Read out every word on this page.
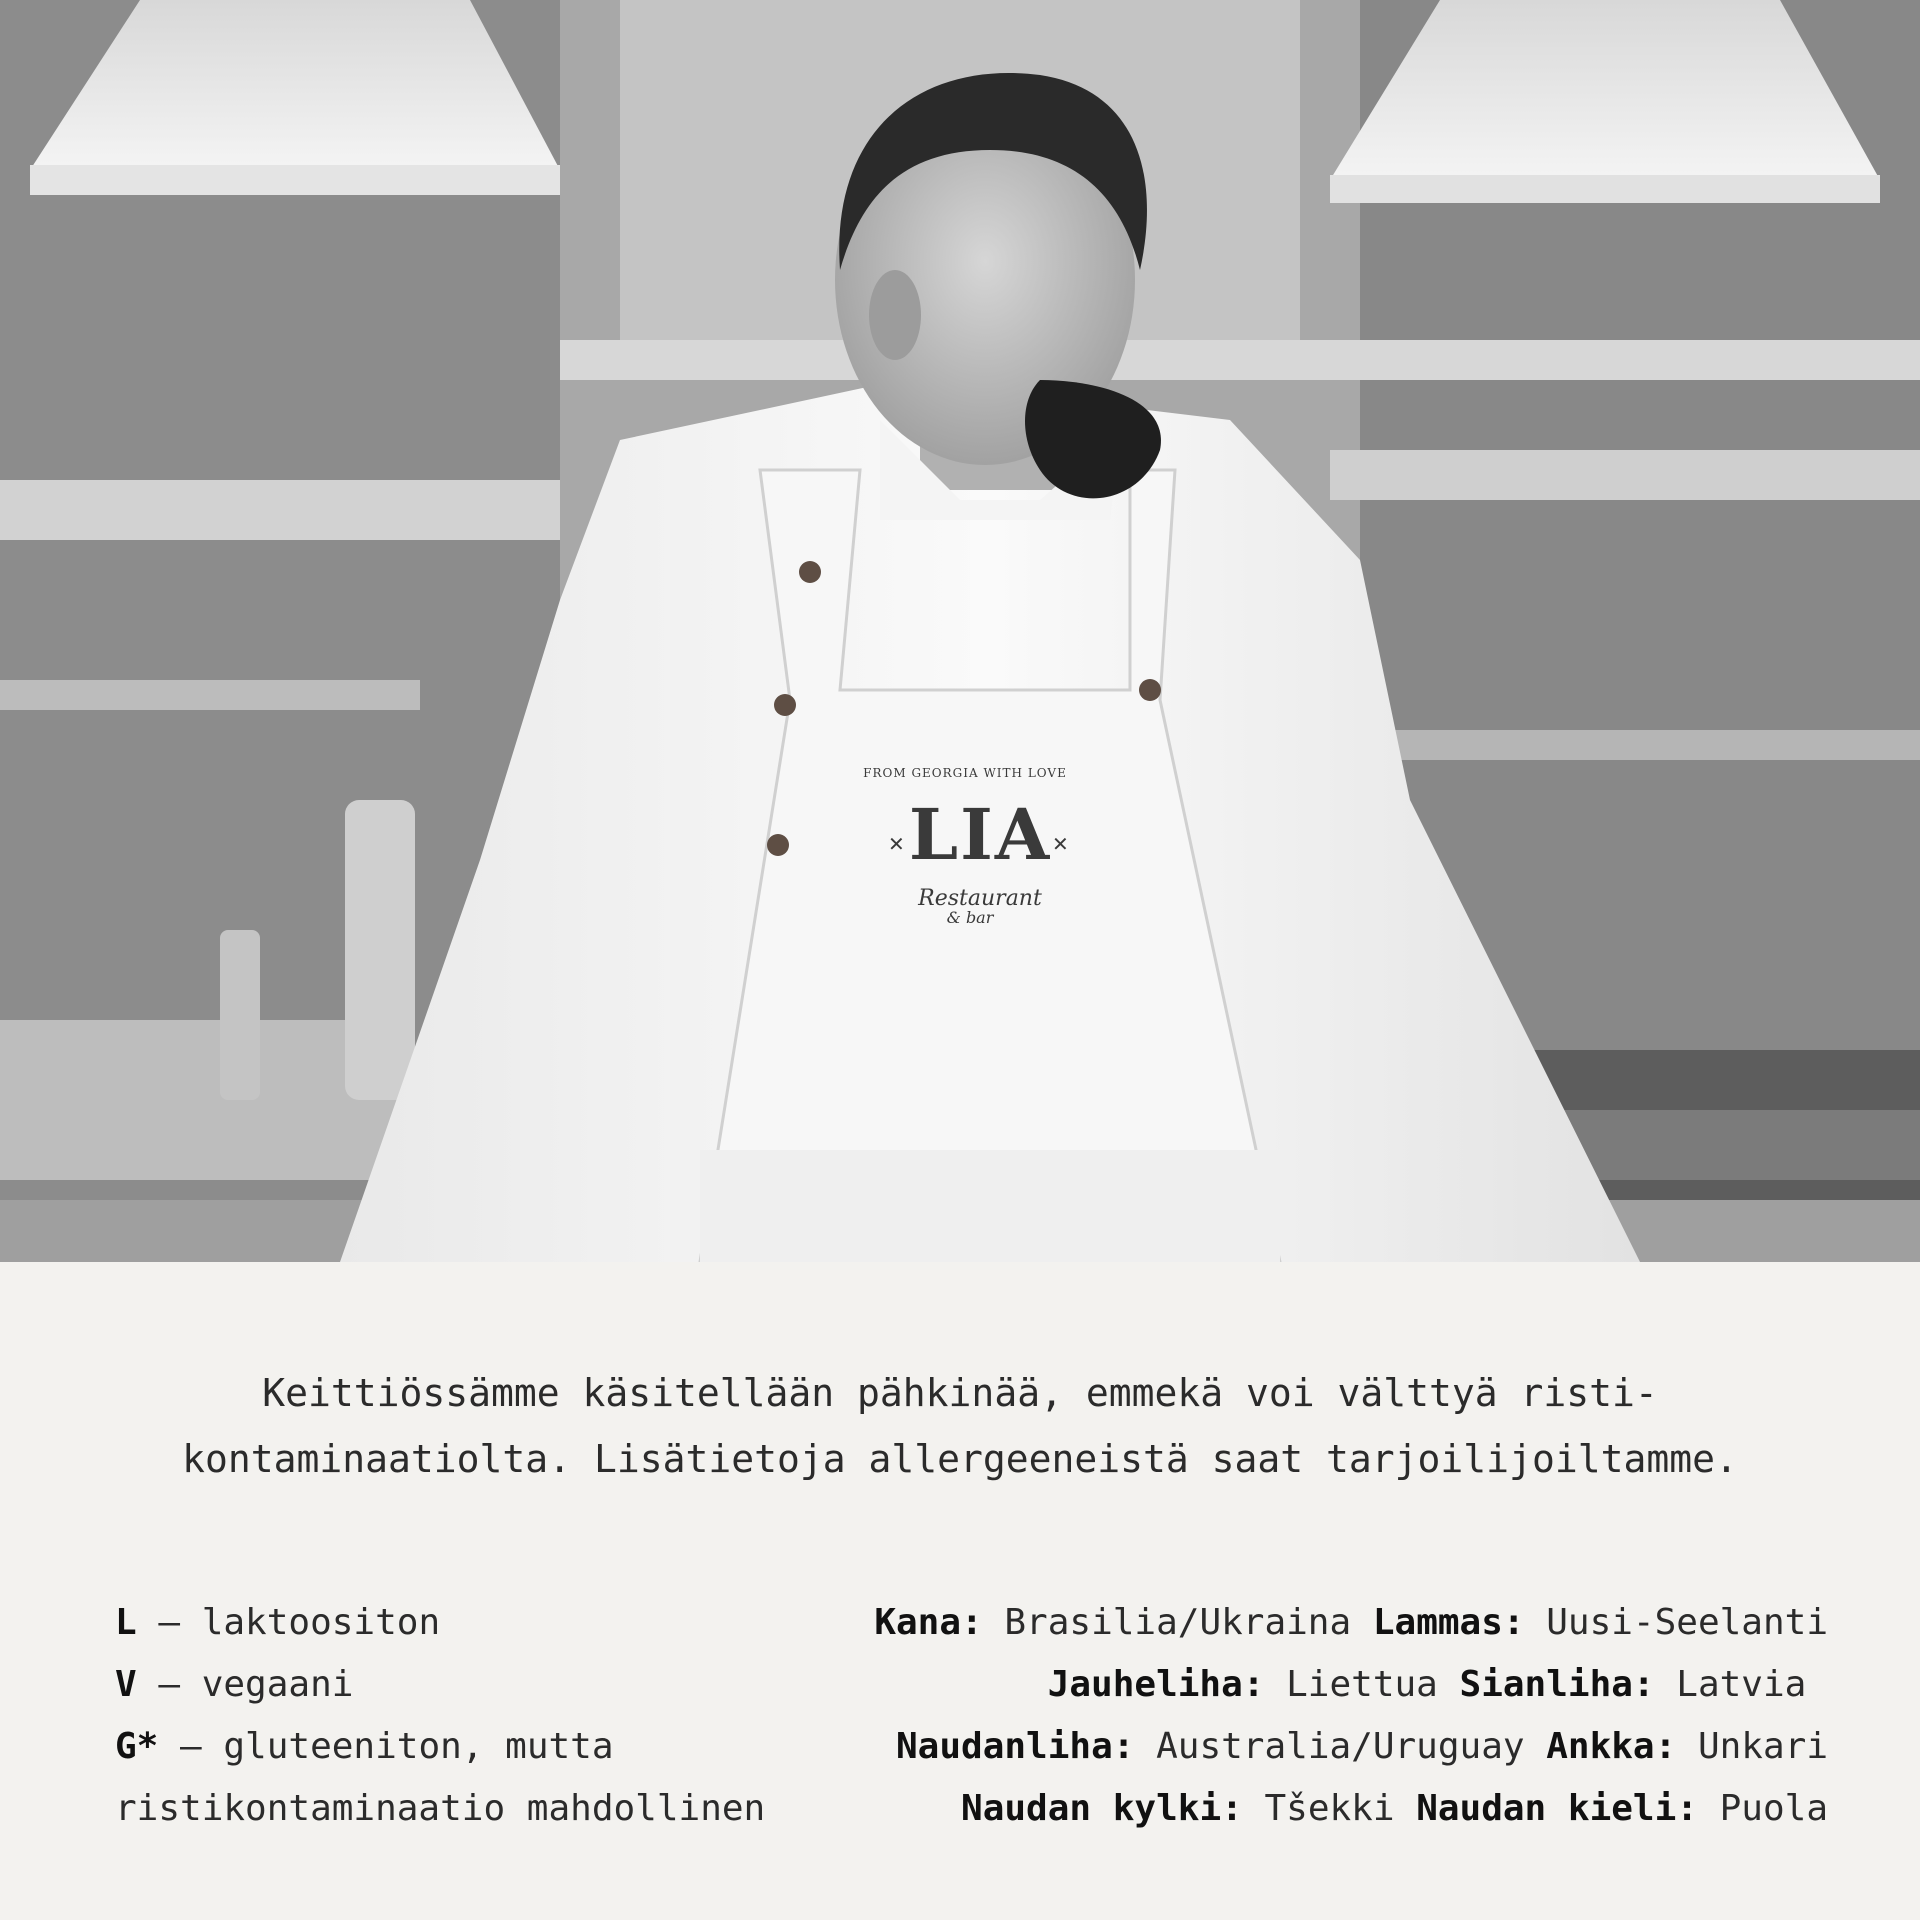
FROM GEORGIA WITH LOVE
✕ LIA ✕
Restaurant
& bar
Keittiössämme käsitellään pähkinää, emmekä voi välttyä risti-
kontaminaatiolta. Lisätietoja allergeeneistä saat tarjoilijoiltamme.
L – laktoositon
V – vegaani
G* – gluteeniton, mutta
ristikontaminaatio mahdollinen
Kana: Brasilia/Ukraina Lammas: Uusi-Seelanti
Jauheliha: Liettua Sianliha: Latvia
Naudanliha: Australia/Uruguay Ankka: Unkari
Naudan kylki: Tšekki Naudan kieli: Puola
